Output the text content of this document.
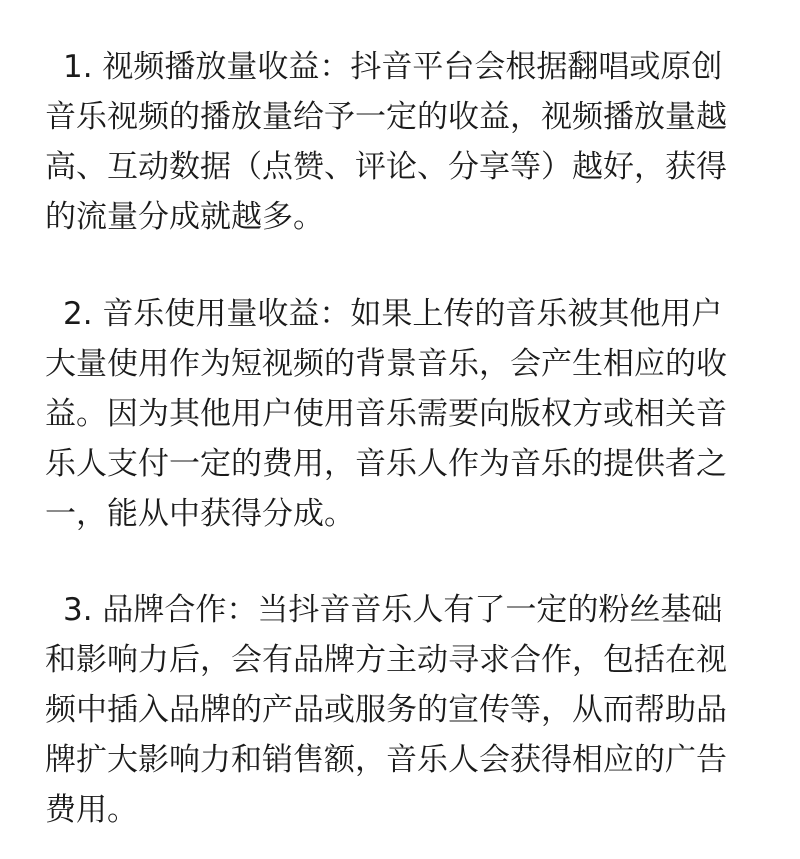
1. 视频播放量收益：抖音平台会根据翻唱或原创
音乐视频的播放量给予一定的收益，视频播放量越
高、互动数据（点赞、评论、分享等）越好，获得
的流量分成就越多。
2. 音乐使用量收益：如果上传的音乐被其他用户
大量使用作为短视频的背景音乐，会产生相应的收
益。因为其他用户使用音乐需要向版权方或相关音
乐人支付一定的费用，音乐人作为音乐的提供者之
一，能从中获得分成。
3. 品牌合作：当抖音音乐人有了一定的粉丝基础
和影响力后，会有品牌方主动寻求合作，包括在视
频中插入品牌的产品或服务的宣传等，从而帮助品
牌扩大影响力和销售额，音乐人会获得相应的广告
费用。
